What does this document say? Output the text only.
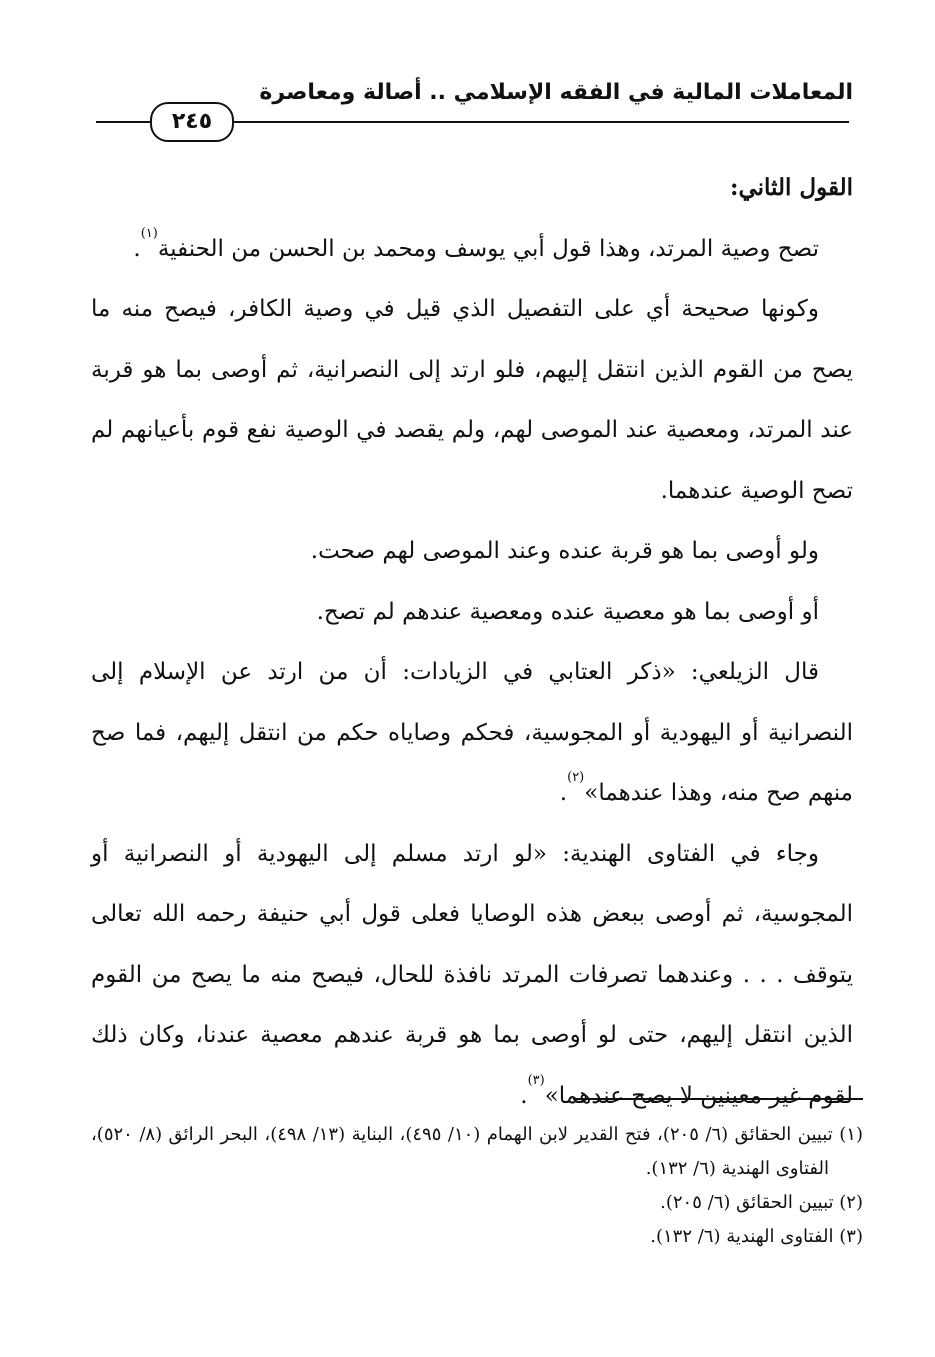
المعاملات المالية في الفقه الإسلامي .. أصالة ومعاصرة
٢٤٥

القول الثاني:

تصح وصية المرتد، وهذا قول أبي يوسف ومحمد بن الحسن من الحنفية$^{(١)}$.

وكونها صحيحة أي على التفصيل الذي قيل في وصية الكافر، فيصح منه ما يصح من القوم الذين انتقل إليهم، فلو ارتد إلى النصرانية، ثم أوصى بما هو قربة عند المرتد، ومعصية عند الموصى لهم، ولم يقصد في الوصية نفع قوم بأعيانهم لم تصح الوصية عندهما.

ولو أوصى بما هو قربة عنده وعند الموصى لهم صحت.

أو أوصى بما هو معصية عنده ومعصية عندهم لم تصح.

قال الزيلعي: «ذكر العتابي في الزيادات: أن من ارتد عن الإسلام إلى النصرانية أو اليهودية أو المجوسية، فحكم وصاياه حكم من انتقل إليهم، فما صح منهم صح منه، وهذا عندهما»$^{(٢)}$.

وجاء في الفتاوى الهندية: «لو ارتد مسلم إلى اليهودية أو النصرانية أو المجوسية، ثم أوصى ببعض هذه الوصايا فعلى قول أبي حنيفة رحمه الله تعالى يتوقف . . . وعندهما تصرفات المرتد نافذة للحال، فيصح منه ما يصح من القوم الذين انتقل إليهم، حتى لو أوصى بما هو قربة عندهم معصية عندنا، وكان ذلك لقوم غير معينين لا يصح عندهما»$^{(٣)}$.

(١) تبيين الحقائق (٦/ ٢٠٥)، فتح القدير لابن الهمام (١٠/ ٤٩٥)، البناية (١٣/ ٤٩٨)، البحر الرائق (٨/ ٥٢٠)، الفتاوى الهندية (٦/ ١٣٢).

(٢) تبيين الحقائق (٦/ ٢٠٥).

(٣) الفتاوى الهندية (٦/ ١٣٢).
